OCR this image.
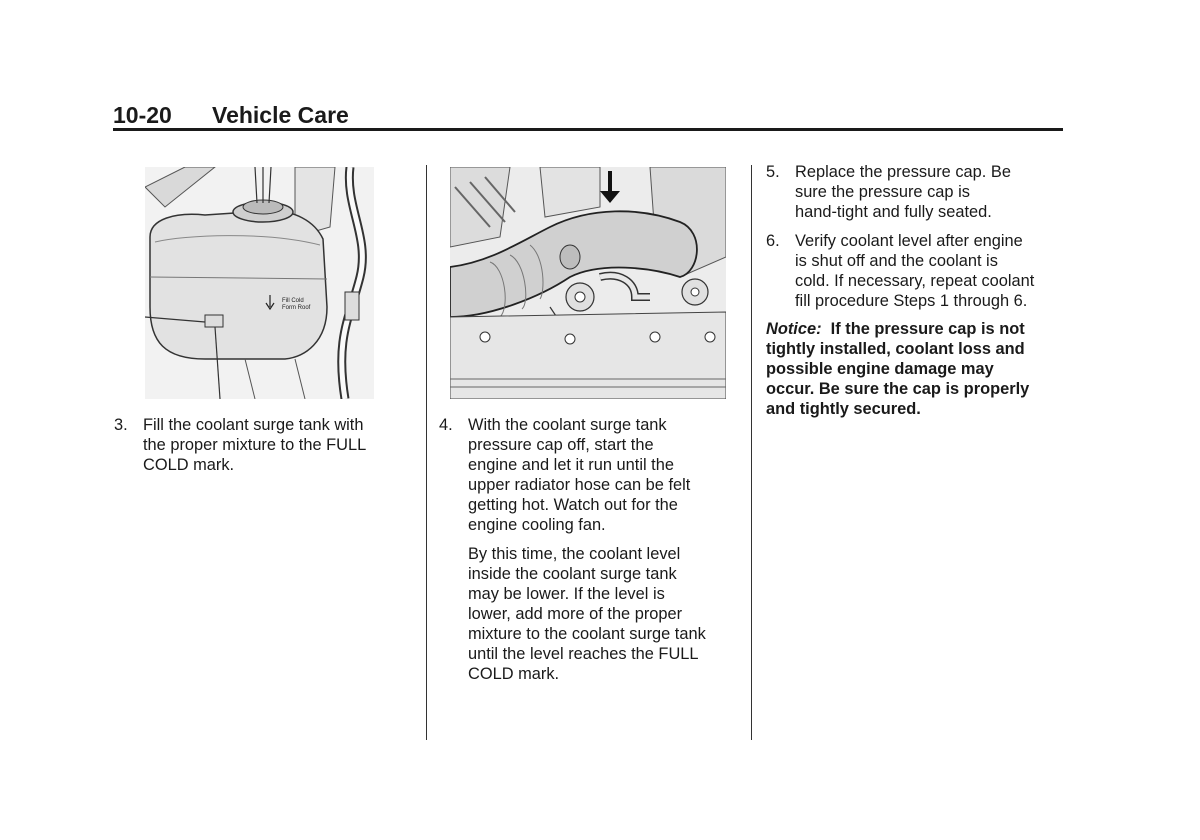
10-20 Vehicle Care
Fill Cold
Form Roof
3. Fill the coolant surge tank with
the proper mixture to the FULL
COLD mark.
4. With the coolant surge tank
pressure cap off, start the
engine and let it run until the
upper radiator hose can be felt
getting hot. Watch out for the
engine cooling fan.
By this time, the coolant level
inside the coolant surge tank
may be lower. If the level is
lower, add more of the proper
mixture to the coolant surge tank
until the level reaches the FULL
COLD mark.
5. Replace the pressure cap. Be
sure the pressure cap is
hand-tight and fully seated.
6. Verify coolant level after engine
is shut off and the coolant is
cold. If necessary, repeat coolant
fill procedure Steps 1 through 6.
Notice: If the pressure cap is not
tightly installed, coolant loss and
possible engine damage may
occur. Be sure the cap is properly
and tightly secured.
